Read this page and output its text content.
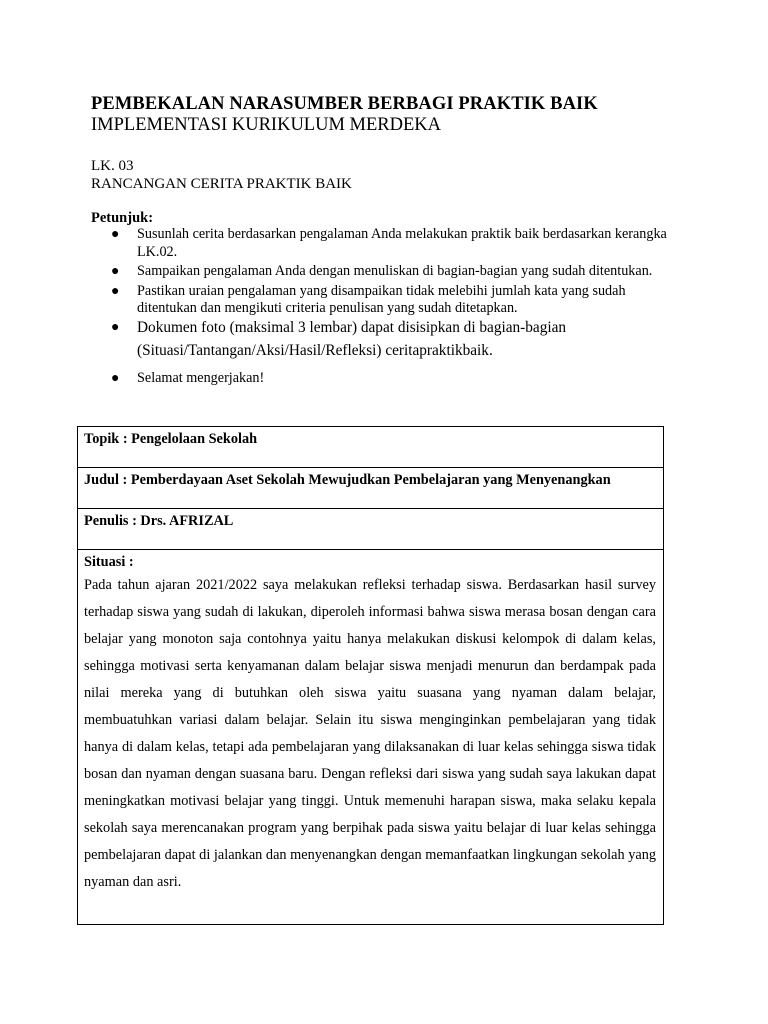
PEMBEKALAN NARASUMBER BERBAGI PRAKTIK BAIK
IMPLEMENTASI KURIKULUM MERDEKA
LK. 03
RANCANGAN CERITA PRAKTIK BAIK
Petunjuk:
● Susunlah cerita berdasarkan pengalaman Anda melakukan praktik baik berdasarkan kerangka LK.02.
● Sampaikan pengalaman Anda dengan menuliskan di bagian-bagian yang sudah ditentukan.
● Pastikan uraian pengalaman yang disampaikan tidak melebihi jumlah kata yang sudah ditentukan dan mengikuti criteria penulisan yang sudah ditetapkan.
● Dokumen foto (maksimal 3 lembar) dapat disisipkan di bagian-bagian (Situasi/Tantangan/Aksi/Hasil/Refleksi) ceritapraktikbaik.
● Selamat mengerjakan!
Topik : Pengelolaan Sekolah
Judul : Pemberdayaan Aset Sekolah Mewujudkan Pembelajaran yang Menyenangkan
Penulis : Drs. AFRIZAL

Situasi :
Pada tahun ajaran 2021/2022 saya melakukan refleksi terhadap siswa. Berdasarkan hasil survey terhadap siswa yang sudah di lakukan, diperoleh informasi bahwa siswa merasa bosan dengan cara belajar yang monoton saja contohnya yaitu hanya melakukan diskusi kelompok di dalam kelas, sehingga motivasi serta kenyamanan dalam belajar siswa menjadi menurun dan berdampak pada nilai mereka yang di butuhkan oleh siswa yaitu suasana yang nyaman dalam belajar, membuatuhkan variasi dalam belajar. Selain itu siswa menginginkan pembelajaran yang tidak hanya di dalam kelas, tetapi ada pembelajaran yang dilaksanakan di luar kelas sehingga siswa tidak bosan dan nyaman dengan suasana baru. Dengan refleksi dari siswa yang sudah saya lakukan dapat meningkatkan motivasi belajar yang tinggi. Untuk memenuhi harapan siswa, maka selaku kepala sekolah saya merencanakan program yang berpihak pada siswa yaitu belajar di luar kelas sehingga pembelajaran dapat di jalankan dan menyenangkan dengan memanfaatkan lingkungan sekolah yang nyaman dan asri.
